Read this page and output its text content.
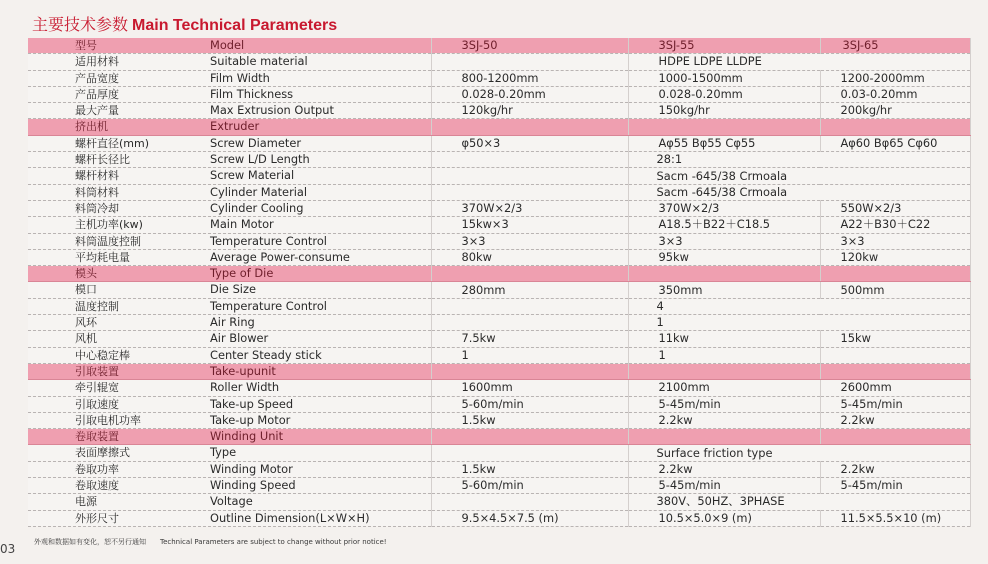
主要技术参数 Main Technical Parameters
型号 Model	3SJ-50	3SJ-55	3SJ-65

适用材料 Suitable material		HDPE LDPE LLDPE	

产品宽度 Film Width	800-1200mm	1000-1500mm	1200-2000mm

产品厚度 Film Thickness	0.028-0.20mm	0.028-0.20mm	0.03-0.20mm

最大产量 Max Extrusion Output	120kg/hr	150kg/hr	200kg/hr

挤出机 Extruder			

螺杆直径(mm) Screw Diameter	φ50×3	Aφ55 Bφ55 Cφ55	Aφ60 Bφ65 Cφ60

螺杆长径比 Screw L/D Length		28:1	

螺杆材料 Screw Material		Sacm -645/38 Crmoala	

料筒材料 Cylinder Material		Sacm -645/38 Crmoala	

料筒冷却 Cylinder Cooling	370W×2/3	370W×2/3	550W×2/3

主机功率(kw) Main Motor	15kw×3	A18.5＋B22＋C18.5	A22＋B30＋C22

料筒温度控制 Temperature Control	3×3	3×3	3×3

平均耗电量 Average Power-consume	80kw	95kw	120kw

模头 Type of Die			

模口 Die Size	280mm	350mm	500mm

温度控制 Temperature Control		4	

风环 Air Ring		1	

风机 Air Blower	7.5kw	11kw	15kw

中心稳定棒 Center Steady stick	1	1	

引取装置 Take-upunit			

牵引辊宽 Roller Width	1600mm	2100mm	2600mm

引取速度 Take-up Speed	5-60m/min	5-45m/min	5-45m/min

引取电机功率 Take-up Motor	1.5kw	2.2kw	2.2kw

卷取装置 Winding Unit			

表面摩擦式 Type		Surface friction type	

卷取功率 Winding Motor	1.5kw	2.2kw	2.2kw

卷取速度 Winding Speed	5-60m/min	5-45m/min	5-45m/min

电源 Voltage		380V、50HZ、3PHASE	

外形尺寸 Outline Dimension(L×W×H)	9.5×4.5×7.5 (m)	10.5×5.0×9 (m)	11.5×5.5×10 (m)
外观和数据如有变化，恕不另行通知 Technical Parameters are subject to change without prior notice!
03
